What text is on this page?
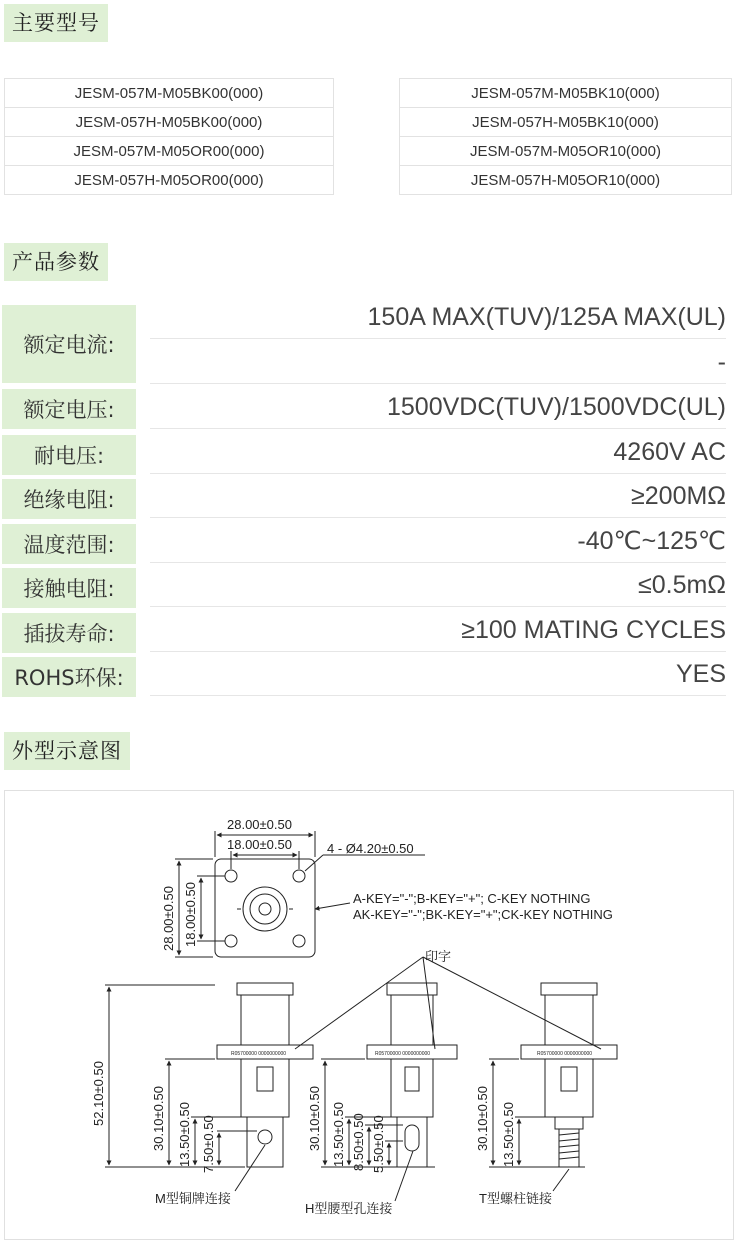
主要型号
JESM-057M-M05BK00(000)
JESM-057H-M05BK00(000)
JESM-057M-M05OR00(000)
JESM-057H-M05OR00(000)
JESM-057M-M05BK10(000)
JESM-057H-M05BK10(000)
JESM-057M-M05OR10(000)
JESM-057H-M05OR10(000)
产品参数
额定电流:
150A MAX(TUV)/125A MAX(UL)
-
额定电压:	1500VDC(TUV)/1500VDC(UL)
耐电压:	4260V AC
绝缘电阻:	≥200MΩ
温度范围:	-40℃~125℃
接触电阻:	≤0.5mΩ
插拔寿命:	≥100 MATING CYCLES
ROHS环保:	YES
外型示意图
R05700000 0000000000	R05700000 0000000000	R05700000 0000000000
28.00±0.50
18.00±0.50	4 - Ø4.20±0.50
28.00±0.50 18.00±0.50	A-KEY="-";B-KEY="+"; C-KEY NOTHING
AK-KEY="-";BK-KEY="+";CK-KEY NOTHING
印字
52.10±0.50	30.10±0.50 13.50±0.50 7.50±0.50	30.10±0.50 13.50±0.50 8.50±0.50 5.50±0.50	30.10±0.50 13.50±0.50
M型铜牌连接
H型腰型孔连接
T型螺柱链接
